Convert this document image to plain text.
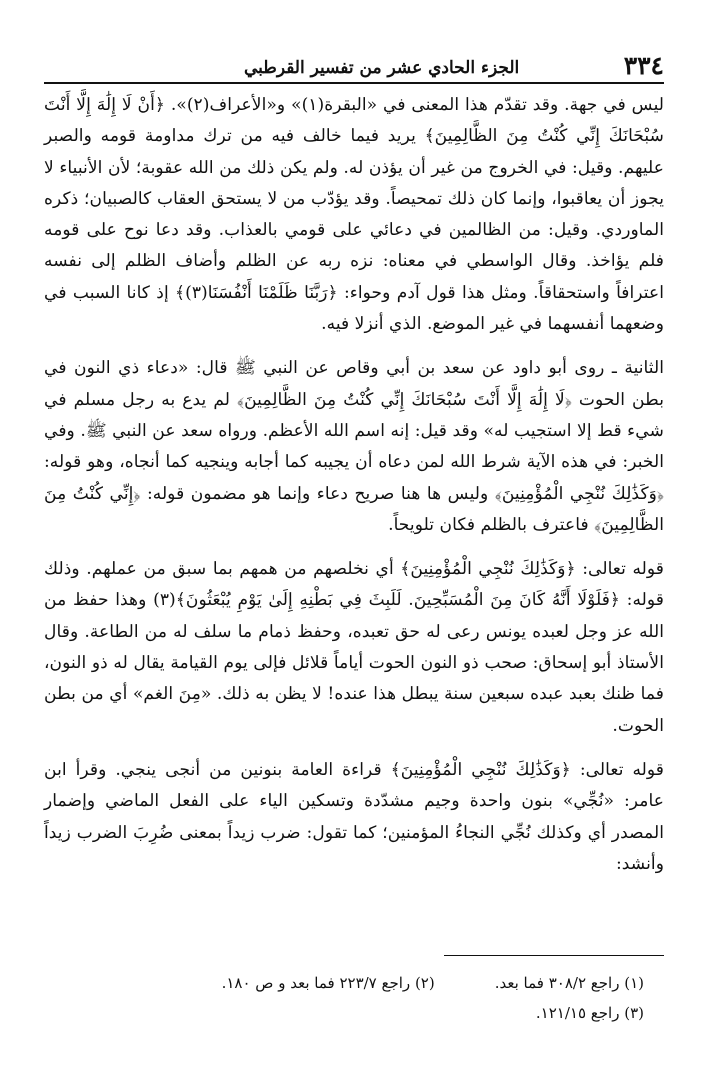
٣٣٤
الجزء الحادي عشر من تفسير القرطبي

ليس في جهة. وقد تقدّم هذا المعنى في «البقرة(١)» و«الأعراف(٢)». ﴿أَنْ لَا إِلَٰهَ إِلَّا أَنْتَ سُبْحَانَكَ إِنِّي كُنْتُ مِنَ الظَّالِمِينَ﴾ يريد فيما خالف فيه من ترك مداومة قومه والصبر عليهم. وقيل: في الخروج من غير أن يؤذن له. ولم يكن ذلك من الله عقوبة؛ لأن الأنبياء لا يجوز أن يعاقبوا، وإنما كان ذلك تمحيصاً. وقد يؤدّب من لا يستحق العقاب كالصبيان؛ ذكره الماوردي. وقيل: من الظالمين في دعائي على قومي بالعذاب. وقد دعا نوح على قومه فلم يؤاخذ. وقال الواسطي في معناه: نزه ربه عن الظلم وأضاف الظلم إلى نفسه اعترافاً واستحقاقاً. ومثل هذا قول آدم وحواء: ﴿رَبَّنَا ظَلَمْنَا أَنْفُسَنَا(٣)﴾ إذ كانا السبب في وضعهما أنفسهما في غير الموضع. الذي أنزلا فيه.

الثانية ـ روى أبو داود عن سعد بن أبي وقاص عن النبي ﷺ قال: «دعاء ذي النون في بطن الحوت ﴿لَا إِلَٰهَ إِلَّا أَنْتَ سُبْحَانَكَ إِنِّي كُنْتُ مِنَ الظَّالِمِينَ﴾ لم يدع به رجل مسلم في شيء قط إلا استجيب له» وقد قيل: إنه اسم الله الأعظم. ورواه سعد عن النبي ﷺ. وفي الخبر: في هذه الآية شرط الله لمن دعاه أن يجيبه كما أجابه وينجيه كما أنجاه، وهو قوله: ﴿وَكَذَٰلِكَ نُنْجِي الْمُؤْمِنِينَ﴾ وليس ها هنا صريح دعاء وإنما هو مضمون قوله: ﴿إِنِّي كُنْتُ مِنَ الظَّالِمِينَ﴾ فاعترف بالظلم فكان تلويحاً.

قوله تعالى: ﴿وَكَذَٰلِكَ نُنْجِي الْمُؤْمِنِينَ﴾ أي نخلصهم من همهم بما سبق من عملهم. وذلك قوله: ﴿فَلَوْلَا أَنَّهُ كَانَ مِنَ الْمُسَبِّحِينَ. لَلَبِثَ فِي بَطْنِهِ إِلَىٰ يَوْمِ يُبْعَثُونَ﴾(٣) وهذا حفظ من الله عز وجل لعبده يونس رعى له حق تعبده، وحفظ ذمام ما سلف له من الطاعة. وقال الأستاذ أبو إسحاق: صحب ذو النون الحوت أياماً قلائل فإلى يوم القيامة يقال له ذو النون، فما ظنك بعبد عبده سبعين سنة يبطل هذا عنده! لا يظن به ذلك. «مِنَ الغم» أي من بطن الحوت.

قوله تعالى: ﴿وَكَذَٰلِكَ نُنْجِي الْمُؤْمِنِينَ﴾ قراءة العامة بنونين من أنجى ينجي. وقرأ ابن عامر: «نُجِّي» بنون واحدة وجيم مشدّدة وتسكين الياء على الفعل الماضي وإضمار المصدر أي وكذلك نُجِّي النجاءُ المؤمنين؛ كما تقول: ضرب زيداً بمعنى ضُرِبَ الضرب زيداً وأنشد:

(١) راجع ٣٠٨/٢ فما بعد.
(٢) راجع ٢٢٣/٧ فما بعد و ص ١٨٠.
(٣) راجع ١٢١/١٥.
